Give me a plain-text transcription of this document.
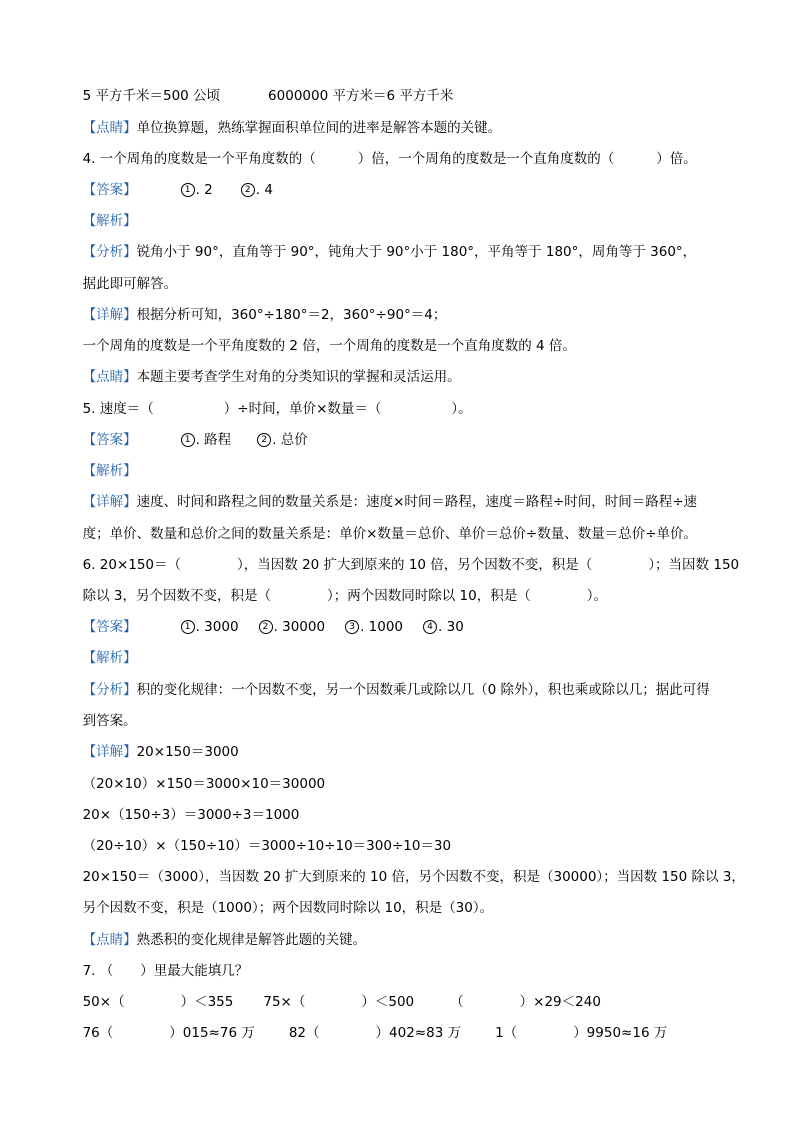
5 平方千米＝500 公顷	6000000 平方米＝6 平方千米

【点睛】单位换算题，熟练掌握面积单位间的进率是解答本题的关键。

4. 一个周角的度数是一个平角度数的（	）倍，一个周角的度数是一个直角度数的（	）倍。

【答案】	1 . 2	2 . 4

【解析】

【分析】锐角小于 90°，直角等于 90°，钝角大于 90°小于 180°，平角等于 180°，周角等于 360°，

据此即可解答。

【详解】根据分析可知，360°÷180°＝2，360°÷90°＝4；

一个周角的度数是一个平角度数的 2 倍，一个周角的度数是一个直角度数的 4 倍。

【点睛】本题主要考查学生对角的分类知识的掌握和灵活运用。

5. 速度＝（	）÷时间，单价×数量＝（	）。

【答案】	1 . 路程	2 . 总价

【解析】

【详解】速度、时间和路程之间的数量关系是：速度×时间＝路程，速度＝路程÷时间，时间＝路程÷速

度；单价、数量和总价之间的数量关系是：单价×数量＝总价、单价＝总价÷数量、数量＝总价÷单价。

6. 20×150＝（	），当因数 20 扩大到原来的 10 倍，另个因数不变，积是（	）；当因数 150

除以 3，另个因数不变，积是（	）；两个因数同时除以 10，积是（	）。

【答案】	1 . 3000	2 . 30000	3 . 1000	4 . 30

【解析】

【分析】积的变化规律：一个因数不变，另一个因数乘几或除以几（0 除外），积也乘或除以几；据此可得

到答案。

【详解】20×150＝3000

（20×10）×150＝3000×10＝30000

20×（150÷3）＝3000÷3＝1000

（20÷10）×（150÷10）＝3000÷10÷10＝300÷10＝30

20×150＝（3000），当因数 20 扩大到原来的 10 倍，另个因数不变，积是（30000）；当因数 150 除以 3，

另个因数不变，积是（1000）；两个因数同时除以 10，积是（30）。

【点睛】熟悉积的变化规律是解答此题的关键。

7. （　　）里最大能填几？

50×（	）＜355 75×（	）＜500	（	）×29＜240

76（	）015≈76 万	82（	）402≈83 万	1（	）9950≈16 万
